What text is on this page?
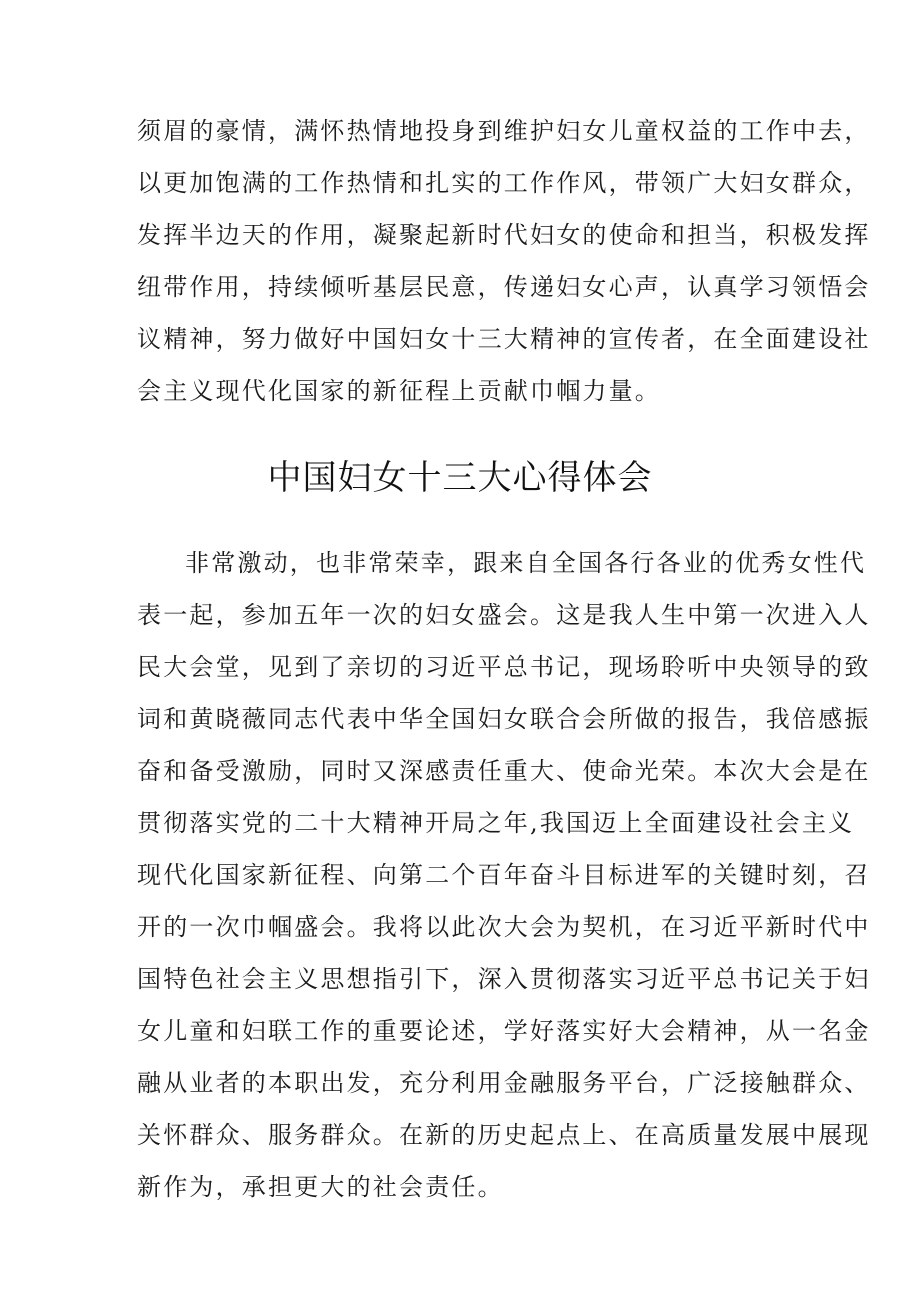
须眉的豪情，满怀热情地投身到维护妇女儿童权益的工作中去，
以更加饱满的工作热情和扎实的工作作风，带领广大妇女群众，
发挥半边天的作用，凝聚起新时代妇女的使命和担当，积极发挥
纽带作用，持续倾听基层民意，传递妇女心声，认真学习领悟会
议精神，努力做好中国妇女十三大精神的宣传者，在全面建设社
会主义现代化国家的新征程上贡献巾帼力量。
中国妇女十三大心得体会
非常激动，也非常荣幸，跟来自全国各行各业的优秀女性代
表一起，参加五年一次的妇女盛会。这是我人生中第一次进入人
民大会堂，见到了亲切的习近平总书记，现场聆听中央领导的致
词和黄晓薇同志代表中华全国妇女联合会所做的报告，我倍感振
奋和备受激励，同时又深感责任重大、使命光荣。本次大会是在
贯彻落实党的二十大精神开局之年,我国迈上全面建设社会主义
现代化国家新征程、向第二个百年奋斗目标进军的关键时刻，召
开的一次巾帼盛会。我将以此次大会为契机，在习近平新时代中
国特色社会主义思想指引下，深入贯彻落实习近平总书记关于妇
女儿童和妇联工作的重要论述，学好落实好大会精神，从一名金
融从业者的本职出发，充分利用金融服务平台，广泛接触群众、
关怀群众、服务群众。在新的历史起点上、在高质量发展中展现
新作为，承担更大的社会责任。
